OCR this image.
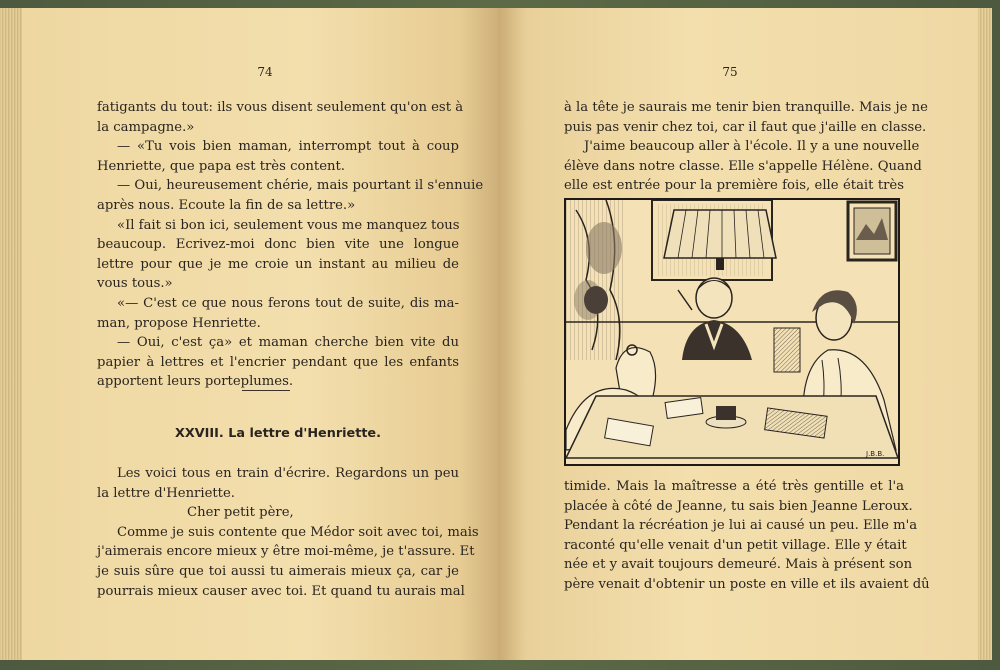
74
fatigants du tout: ils vous disent seulement qu'on est à
la campagne.»
— «Tu vois bien maman, interrompt tout à coup
Henriette, que papa est très content.
— Oui, heureusement chérie, mais pourtant il s'ennuie
après nous. Ecoute la fin de sa lettre.»
«Il fait si bon ici, seulement vous me manquez tous
beaucoup. Ecrivez-moi donc bien vite une longue
lettre pour que je me croie un instant au milieu de
vous tous.»
«— C'est ce que nous ferons tout de suite, dis ma-
man, propose Henriette.
— Oui, c'est ça» et maman cherche bien vite du
papier à lettres et l'encrier pendant que les enfants
apportent leurs porteplumes.
XXVIII. La lettre d'Henriette.
Les voici tous en train d'écrire. Regardons un peu
la lettre d'Henriette.
Cher petit père,
Comme je suis contente que Médor soit avec toi, mais
j'aimerais encore mieux y être moi-même, je t'assure. Et
je suis sûre que toi aussi tu aimerais mieux ça, car je
pourrais mieux causer avec toi. Et quand tu aurais mal
75
à la tête je saurais me tenir bien tranquille. Mais je ne
puis pas venir chez toi, car il faut que j'aille en classe.
J'aime beaucoup aller à l'école. Il y a une nouvelle
élève dans notre classe. Elle s'appelle Hélène. Quand
elle est entrée pour la première fois, elle était très
J.B.B.
timide. Mais la maîtresse a été très gentille et l'a
placée à côté de Jeanne, tu sais bien Jeanne Leroux.
Pendant la récréation je lui ai causé un peu. Elle m'a
raconté qu'elle venait d'un petit village. Elle y était
née et y avait toujours demeuré. Mais à présent son
père venait d'obtenir un poste en ville et ils avaient dû
